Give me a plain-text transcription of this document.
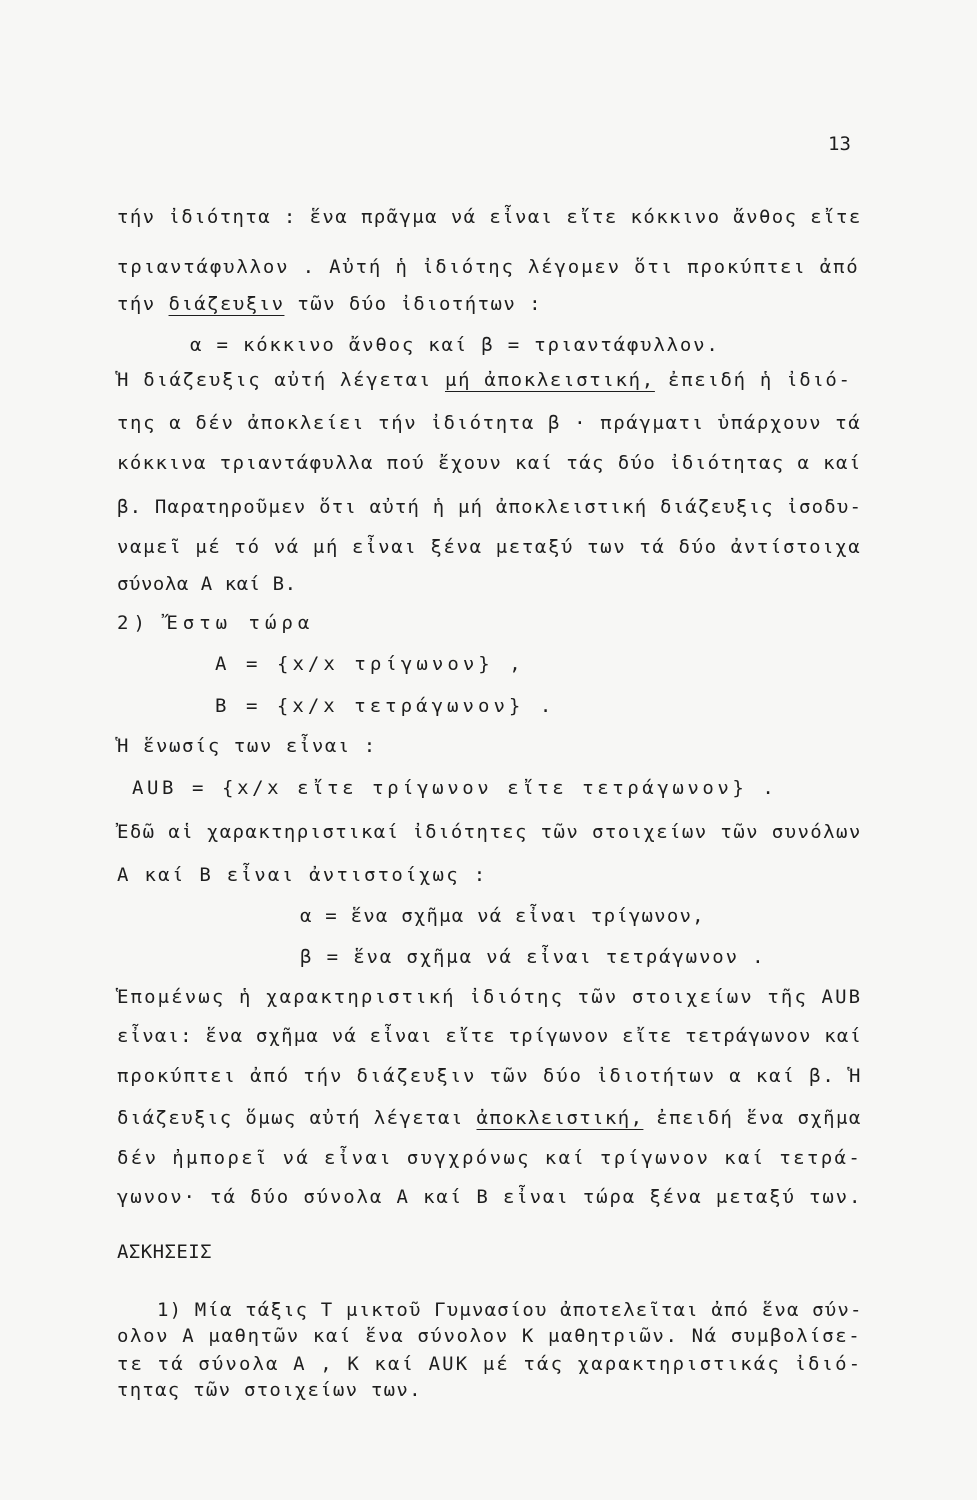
13
τήν ἰδιότητα : ἕνα πρᾶγμα νά εἶναι εἴτε κόκκινο ἄνθος εἴτε
τριαντάφυλλον . Αὐτή ἡ ἰδιότης λέγομεν ὅτι προκύπτει ἀπό
τήν διάζευξιν τῶν δύο ἰδιοτήτων :
α = κόκκινο ἄνθος καί β = τριαντάφυλλον.
Ἡ διάζευξις αὐτή λέγεται μή ἀποκλειστική, ἐπειδή ἡ ἰδιό-
της α δέν ἀποκλείει τήν ἰδιότητα β · πράγματι ὑπάρχουν τά
κόκκινα τριαντάφυλλα πού ἔχουν καί τάς δύο ἰδιότητας α καί
β. Παρατηροῦμεν ὅτι αὐτή ἡ μή ἀποκλειστική διάζευξις ἰσοδυ-
ναμεῖ μέ τό νά μή εἶναι ξένα μεταξύ των τά δύο ἀντίστοιχα
σύνολα Α καί Β.
2) Ἔστω τώρα
Α = {x/x τρίγωνον} ,
Β = {x/x τετράγωνον} .
Ἡ ἕνωσίς των εἶναι :
ΑUΒ = {x/x εἴτε τρίγωνον εἴτε τετράγωνον} .
Ἐδῶ αἱ χαρακτηριστικαί ἰδιότητες τῶν στοιχείων τῶν συνόλων
Α καί Β εἶναι ἀντιστοίχως :
α = ἕνα σχῆμα νά εἶναι τρίγωνον,
β = ἕνα σχῆμα νά εἶναι τετράγωνον .
Ἑπομένως ἡ χαρακτηριστική ἰδιότης τῶν στοιχείων τῆς ΑUΒ
εἶναι: ἕνα σχῆμα νά εἶναι εἴτε τρίγωνον εἴτε τετράγωνον καί
προκύπτει ἀπό τήν διάζευξιν τῶν δύο ἰδιοτήτων α καί β. Ἡ
διάζευξις ὅμως αὐτή λέγεται ἀποκλειστική, ἐπειδή ἕνα σχῆμα
δέν ἠμπορεῖ νά εἶναι συγχρόνως καί τρίγωνον καί τετρά-
γωνον· τά δύο σύνολα Α καί Β εἶναι τώρα ξένα μεταξύ των.
ΑΣΚΗΣΕΙΣ
1) Μία τάξις Τ μικτοῦ Γυμνασίου ἀποτελεῖται ἀπό ἕνα σύν-
ολον Α μαθητῶν καί ἕνα σύνολον Κ μαθητριῶν. Νά συμβολίσε-
τε τά σύνολα Α , Κ καί ΑUΚ μέ τάς χαρακτηριστικάς ἰδιό-
τητας τῶν στοιχείων των.
